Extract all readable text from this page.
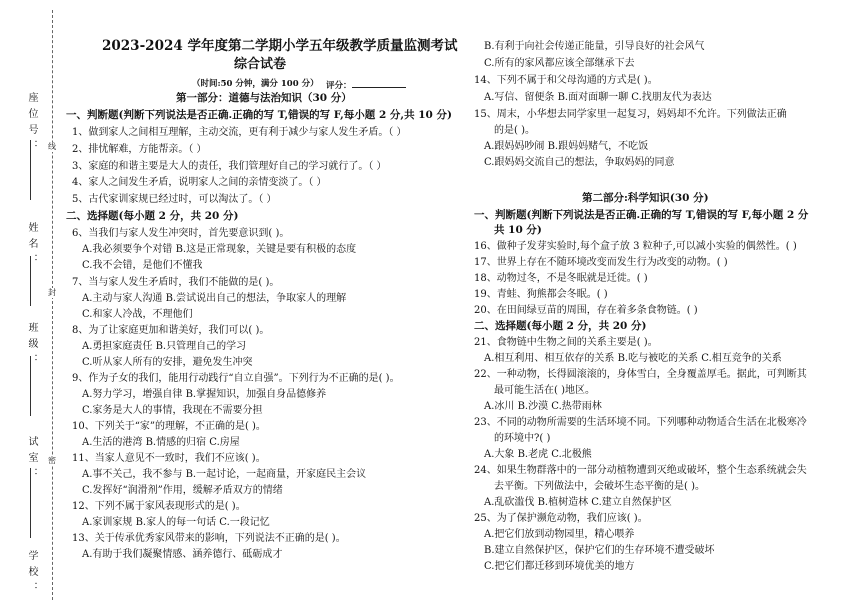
座位号：
姓名：
班级：
试室：
学校：
线
封
密
2023-2024 学年度第二学期小学五年级教学质量监测考试
综合试卷
（时间:50 分钟，满分 100 分） 评分：
第一部分：道德与法治知识（30 分）
一、判断题(判断下列说法是否正确.正确的写 T,错误的写 F,每小题 2 分,共 10 分)
1、做到家人之间相互理解，主动交流，更有利于减少与家人发生矛盾。（ ）
2、排忧解难，方能帮亲。（ ）
3、家庭的和谐主要是大人的责任，我们管理好自己的学习就行了。（ ）
4、家人之间发生矛盾，说明家人之间的亲情变淡了。（ ）
5、古代家训家规已经过时，可以淘汰了。（ ）
二、选择题(每小题 2 分，共 20 分)
6、当我们与家人发生冲突时，首先要意识到( )。
A.我必须要争个对错 B.这是正常现象，关键是要有积极的态度
C.我不会错，是他们不懂我
7、当与家人发生矛盾时，我们不能做的是( )。
A.主动与家人沟通 B.尝试说出自己的想法，争取家人的理解
C.和家人冷战，不理他们
8、为了让家庭更加和谐美好，我们可以( )。
A.勇担家庭责任 B.只管理自己的学习
C.听从家人所有的安排，避免发生冲突
9、作为子女的我们，能用行动践行“自立自强”。下列行为不正确的是( )。
A.努力学习，增强自律 B.掌握知识，加强自身品德修养
C.家务是大人的事情，我现在不需要分担
10、下列关于“家”的理解，不正确的是( )。
A.生活的港湾 B.情感的归宿 C.房屋
11、当家人意见不一致时，我们不应该( )。
A.事不关己，我不参与 B.一起讨论，一起商量，开家庭民主会议
C.发挥好“润滑剂”作用，缓解矛盾双方的情绪
12、下列不属于家风表现形式的是( )。
A.家训家规 B.家人的每一句话 C.一段记忆
13、关于传承优秀家风带来的影响，下列说法不正确的是( )。
A.有助于我们凝聚情感、涵养德行、砥砺成才
B.有利于向社会传递正能量，引导良好的社会风气
C.所有的家风都应该全部继承下去
14、下列不属于和父母沟通的方式是( )。
A.写信、留便条 B.面对面聊一聊 C.找朋友代为表达
15、周末，小华想去同学家里一起复习，妈妈却不允许。下列做法正确
的是( )。
A.跟妈妈吵闹 B.跟妈妈赌气，不吃饭
C.跟妈妈交流自己的想法，争取妈妈的同意
第二部分:科学知识(30 分)
一、判断题(判断下列说法是否正确.正确的写 T,错误的写 F,每小题 2 分
共 10 分)
16、做种子发芽实验时,每个盒子放 3 粒种子,可以减小实验的偶然性。( )
17、世界上存在不随环境改变而发生行为改变的动物。( )
18、动物过冬，不是冬眠就是迁徙。( )
19、青蛙、狗熊都会冬眠。( )
20、在田间绿豆苗的周围，存在着多条食物链。( )
二、选择题(每小题 2 分，共 20 分)
21、食物链中生物之间的关系主要是( )。
A.相互利用、相互依存的关系 B.吃与被吃的关系 C.相互竞争的关系
22、一种动物，长得圆滚滚的，身体雪白，全身覆盖厚毛。据此，可判断其
最可能生活在( )地区。
A.冰川 B.沙漠 C.热带雨林
23、不同的动物所需要的生活环境不同。下列哪种动物适合生活在北极寒冷
的环境中?( )
A.大象 B.老虎 C.北极熊
24、如果生物群落中的一部分动植物遭到灭绝或破坏，整个生态系统就会失
去平衡。下列做法中，会破坏生态平衡的是( )。
A.乱砍滥伐 B.植树造林 C.建立自然保护区
25、为了保护濒危动物，我们应该( )。
A.把它们放到动物园里，精心喂养
B.建立自然保护区，保护它们的生存环境不遭受破坏
C.把它们都迁移到环境优美的地方
